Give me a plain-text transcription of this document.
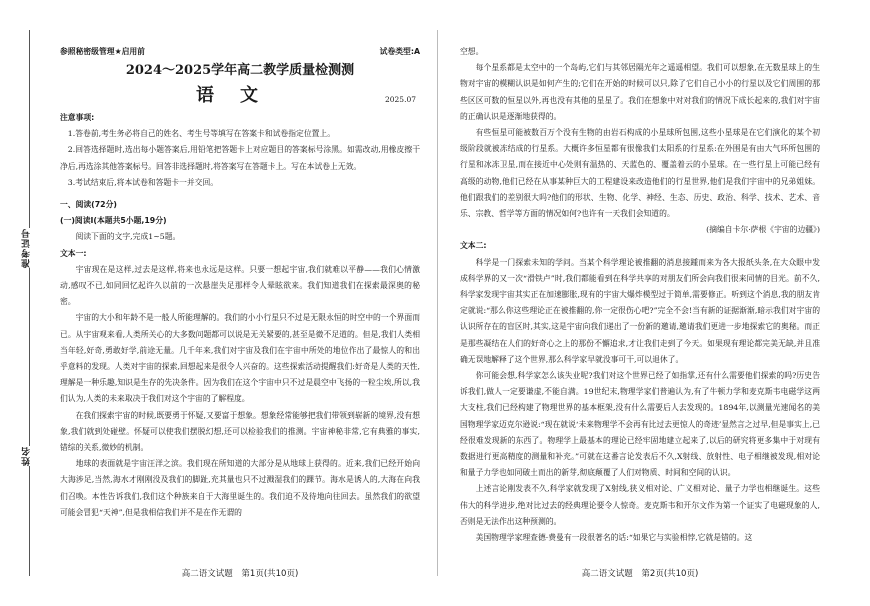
准考证号
姓名
参照秘密级管理★启用前	试卷类型:A
2024～2025学年高二教学质量检测测
语文	2025.07
注意事项:
1.答卷前,考生务必将自己的姓名、考生号等填写在答案卡和试卷指定位置上。
2.回答选择题时,选出每小题答案后,用铅笔把答题卡上对应题目的答案标号涂黑。如需改动,用橡皮擦干净后,再选涂其他答案标号。回答非选择题时,将答案写在答题卡上。写在本试卷上无效。
3.考试结束后,将本试卷和答题卡一并交回。
一、阅读(72分)
(一)阅读Ⅰ(本题共5小题,19分)
阅读下面的文字,完成1~5题。
文本一:
宇宙现在是这样,过去是这样,将来也永远是这样。只要一想起宇宙,我们就难以平静——我们心情激动,感叹不已,如同回忆起许久以前的一次悬崖失足那样令人晕眩欲来。我们知道我们在探索最深奥的秘密。
宇宙的大小和年龄不是一般人所能理解的。我们的小小行星只不过是无限永恒的时空中的一个界面而已。从宇宙观来看,人类所关心的大多数问题都可以说是无关紧要的,甚至是微不足道的。但是,我们人类相当年轻,好奇,勇敢好学,前途无量。几千年来,我们对宇宙及我们在宇宙中所处的地位作出了最惊人的和出乎意料的发现。人类对宇宙的探索,回想起来是很令人兴奋的。这些探索活动提醒我们:好奇是人类的天性,理解是一种乐趣,知识是生存的先决条件。因为我们在这个宇宙中只不过是晨空中飞扬的一粒尘埃,所以,我们认为,人类的未来取决于我们对这个宇宙的了解程度。
在我们探索宇宙的时候,既要勇于怀疑,又要富于想象。想象经常能够把我们带领到崭新的境界,没有想象,我们就到处碰壁。怀疑可以使我们摆脱幻想,还可以检验我们的推测。宇宙神秘非常,它有典雅的事实,错综的关系,微妙的机制。
地球的表面就是宇宙汪洋之滨。我们现在所知道的大部分是从地球上获得的。近来,我们已经开始向大海涉足,当然,海水才刚刚没及我们的脚趾,充其量也只不过溅湿我们的踝节。海水是诱人的,大海在向我们召唤。本性告诉我们,我们这个种族来自于大海里诞生的。我们迫不及待地向往回去。虽然我们的欲望可能会冒犯“天神”,但是我相信我们并不是在作无谓的
空想。
每个星系都是太空中的一个岛屿,它们与其邻居隔光年之遥遥相望。我们可以想象,在无数星球上的生物对宇宙的模糊认识是如何产生的;它们在开始的时候可以只,除了它们自己小小的行星以及它们周围的那些区区可数的恒星以外,再也没有其他的星星了。我们在想象中对对我们的情况下成长起来的,我们对宇宙的正确认识是逐渐地获得的。
有些恒星可能被数百万个没有生物的由岩石构成的小星球所包围,这些小星球是在它们演化的某个初级阶段就被冻结成的行星系。大概许多恒星都有很像我们太阳系的行星系:在外围是有由大气环所包围的行星和冰冻卫星,而在接近中心处则有温热的、天蓝色的、覆盖着云的小星球。在一些行星上可能已经有高级的动物,他们已经在从事某种巨大的工程建设来改造他们的行星世界,他们是我们宇宙中的兄弟姐妹。他们跟我们的差别很大吗?他们的形状、生物、化学、神经、生态、历史、政治、科学、技术、艺术、音乐、宗教、哲学等方面的情况如何?也许有一天我们会知道的。
(摘编自卡尔·萨根《宇宙的边疆》)
文本二:
科学是一门探索未知的学问。当某个科学理论被推翻的消息接踵而来为各大报纸头条,在大众眼中发成科学界的又一次“滑铁卢”时,我们都能看到在科学共享的对朋友们所会向我们很来同情的目光。前不久,科学家发现宇宙其实正在加速膨胀,现有的宇宙大爆炸模型过于简单,需要修正。听到这个消息,我的朋友肯定就说:“那么你这些理论正在被推翻的,你一定很伤心吧?”完全不会!当有新的证据渐渐,暗示我们对宇宙的认识所存在的盲区时,其实,这是宇宙向我们递出了一份新的邀请,邀请我们更进一步地探索它的奥秘。而正是那些凝结在人们的好奇心之上的那份不懈追求,才让我们走到了今天。如果现有理论都完美无缺,并且准确无误地解释了这个世界,那么科学家早就没事可干,可以退休了。
你可能会想,科学家怎么该失业呢?我们对这个世界已经了如指掌,还有什么需要他们探索的吗?历史告诉我们,做人一定要谦虚,不能自满。19世纪末,物理学家们普遍认为,有了牛顿力学和麦克斯韦电磁学这两大支柱,我们已经构建了物理世界的基本框架,没有什么需要后人去发现的。1894年,以测量光速闻名的美国物理学家迈克尔逊说:“现在就说‘未来物理学不会再有比过去更惊人的奇迹’显然言之过早,但是事实上,已经很难发现新的东西了。物理学上最基本的理论已经牢固地建立起来了,以后的研究将更多集中于对现有数据进行更高精度的测量和补充。”可就在这番言论发表后不久,X射线、放射性、电子相继被发现,相对论和量子力学也如同破土而出的新芽,彻底颠覆了人们对物质、时间和空间的认识。
上述言论刚发表不久,科学家就发现了X射线,狭义相对论、广义相对论、量子力学也相继诞生。这些伟大的科学进步,绝对比过去的经典理论要令人惊奇。麦克斯韦和开尔文作为第一个证实了电磁现象的人,否则是无法作出这种预测的。
美国物理学家理查德·费曼有一段很著名的话:“如果它与实验相悖,它就是错的。这
高二语文试题 第1页(共10页)	高二语文试题 第2页(共10页)
